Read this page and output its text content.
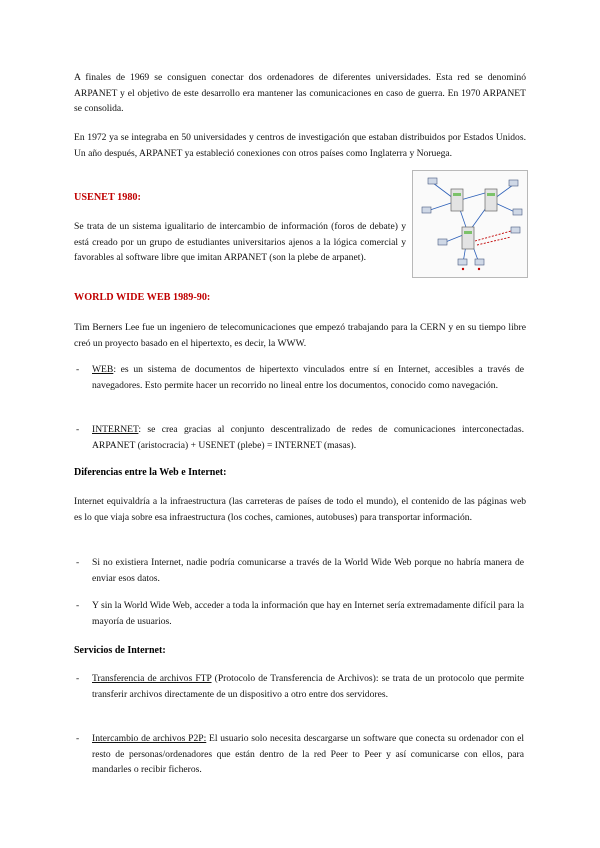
A finales de 1969 se consiguen conectar dos ordenadores de diferentes universidades. Esta red se denominó ARPANET y el objetivo de este desarrollo era mantener las comunicaciones en caso de guerra. En 1970 ARPANET se consolida.

En 1972 ya se integraba en 50 universidades y centros de investigación que estaban distribuidos por Estados Unidos. Un año después, ARPANET ya estableció conexiones con otros países como Inglaterra y Noruega.

USENET 1980:

Se trata de un sistema igualitario de intercambio de información (foros de debate) y está creado por un grupo de estudiantes universitarios ajenos a la lógica comercial y favorables al software libre que imitan ARPANET (son la plebe de arpanet).

WORLD WIDE WEB 1989-90:

Tim Berners Lee fue un ingeniero de telecomunicaciones que empezó trabajando para la CERN y en su tiempo libre creó un proyecto basado en el hipertexto, es decir, la WWW.

- WEB: es un sistema de documentos de hipertexto vinculados entre sí en Internet, accesibles a través de navegadores. Esto permite hacer un recorrido no lineal entre los documentos, conocido como navegación.
- INTERNET: se crea gracias al conjunto descentralizado de redes de comunicaciones interconectadas. ARPANET (aristocracia) + USENET (plebe) = INTERNET (masas).

Diferencias entre la Web e Internet:

Internet equivaldría a la infraestructura (las carreteras de países de todo el mundo), el contenido de las páginas web es lo que viaja sobre esa infraestructura (los coches, camiones, autobuses) para transportar información.

- Si no existiera Internet, nadie podría comunicarse a través de la World Wide Web porque no habría manera de enviar esos datos.
- Y sin la World Wide Web, acceder a toda la información que hay en Internet sería extremadamente difícil para la mayoría de usuarios.

Servicios de Internet:

- Transferencia de archivos FTP (Protocolo de Transferencia de Archivos): se trata de un protocolo que permite transferir archivos directamente de un dispositivo a otro entre dos servidores.
- Intercambio de archivos P2P: El usuario solo necesita descargarse un software que conecta su ordenador con el resto de personas/ordenadores que están dentro de la red Peer to Peer y así comunicarse con ellos, para mandarles o recibir ficheros.
